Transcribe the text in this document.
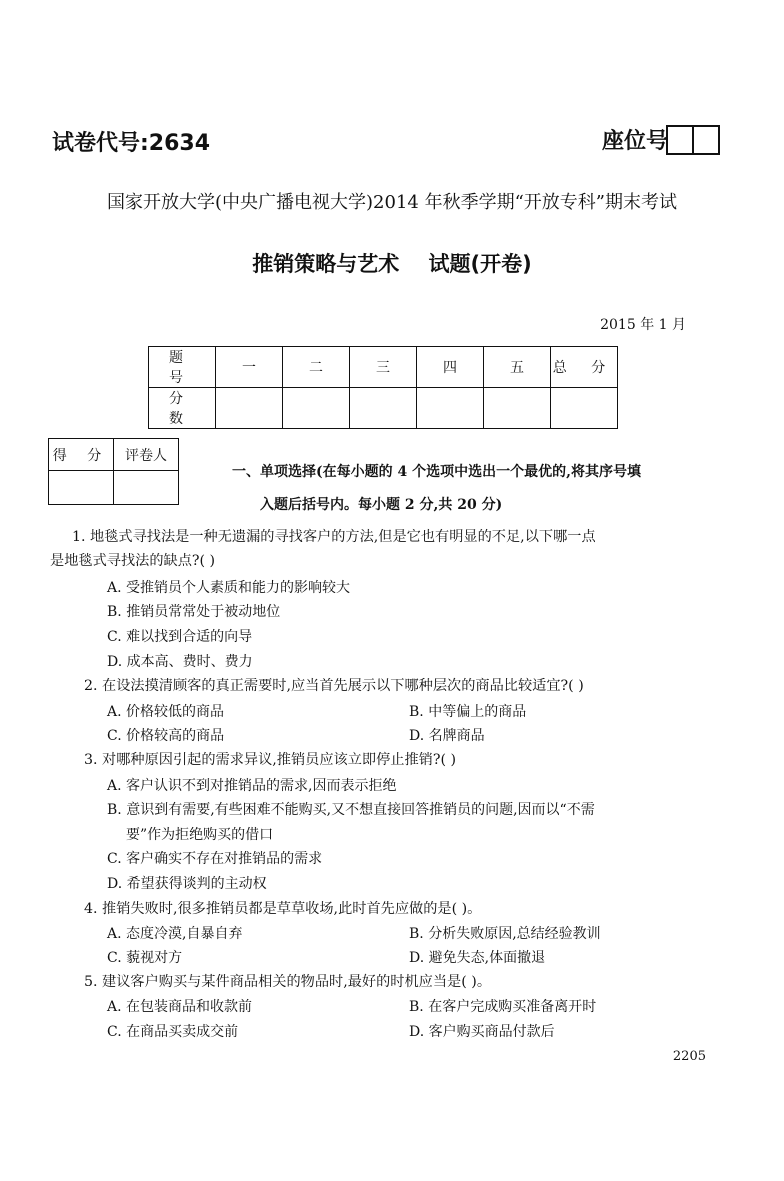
试卷代号:2634	座位号
国家开放大学(中央广播电视大学)2014 年秋季学期“开放专科”期末考试
推销策略与艺术    试题(开卷)
2015 年 1 月
题 号	一	二	三	四	五	总 分
分 数						
得 分	评卷人

一、单项选择(在每小题的 4 个选项中选出一个最优的,将其序号填
入题后括号内。每小题 2 分,共 20 分)
1. 地毯式寻找法是一种无遗漏的寻找客户的方法,但是它也有明显的不足,以下哪一点
是地毯式寻找法的缺点?( )
A. 受推销员个人素质和能力的影响较大
B. 推销员常常处于被动地位
C. 难以找到合适的向导
D. 成本高、费时、费力
2. 在设法摸清顾客的真正需要时,应当首先展示以下哪种层次的商品比较适宜?( )
A. 价格较低的商品	B. 中等偏上的商品
C. 价格较高的商品	D. 名牌商品
3. 对哪种原因引起的需求异议,推销员应该立即停止推销?( )
A. 客户认识不到对推销品的需求,因而表示拒绝
B. 意识到有需要,有些困难不能购买,又不想直接回答推销员的问题,因而以“不需
要”作为拒绝购买的借口
C. 客户确实不存在对推销品的需求
D. 希望获得谈判的主动权
4. 推销失败时,很多推销员都是草草收场,此时首先应做的是( )。
A. 态度冷漠,自暴自弃	B. 分析失败原因,总结经验教训
C. 藐视对方	D. 避免失态,体面撤退
5. 建议客户购买与某件商品相关的物品时,最好的时机应当是( )。
A. 在包装商品和收款前	B. 在客户完成购买准备离开时
C. 在商品买卖成交前	D. 客户购买商品付款后
2205
